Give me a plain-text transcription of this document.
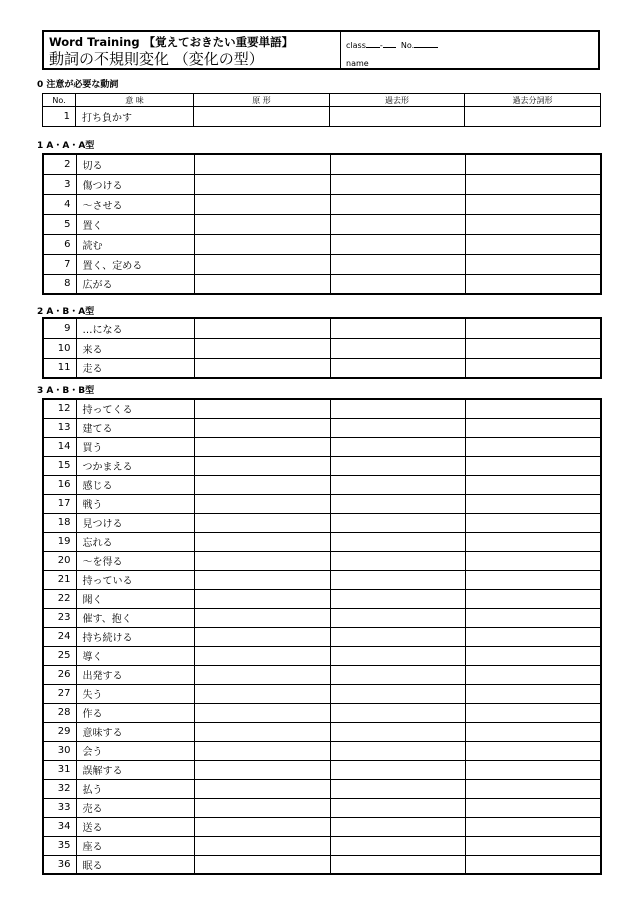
Word Training 【覚えておきたい重要単語】
動詞の不規則変化 （変化の型）
class - No.
name
0 注意が必要な動詞
No.	意 味	原 形	過去形	過去分詞形
1	打ち負かす			
1 A・A・A型
2	切る			
3	傷つける			
4	～させる			
5	置く			
6	読む			
7	置く、定める			
8	広がる			
2 A・B・A型
9	…になる			
10	来る			
11	走る			
3 A・B・B型
12	持ってくる			
13	建てる			
14	買う			
15	つかまえる			
16	感じる			
17	戦う			
18	見つける			
19	忘れる			
20	～を得る			
21	持っている			
22	聞く			
23	催す、抱く			
24	持ち続ける			
25	導く			
26	出発する			
27	失う			
28	作る			
29	意味する			
30	会う			
31	誤解する			
32	払う			
33	売る			
34	送る			
35	座る			
36	眠る			
